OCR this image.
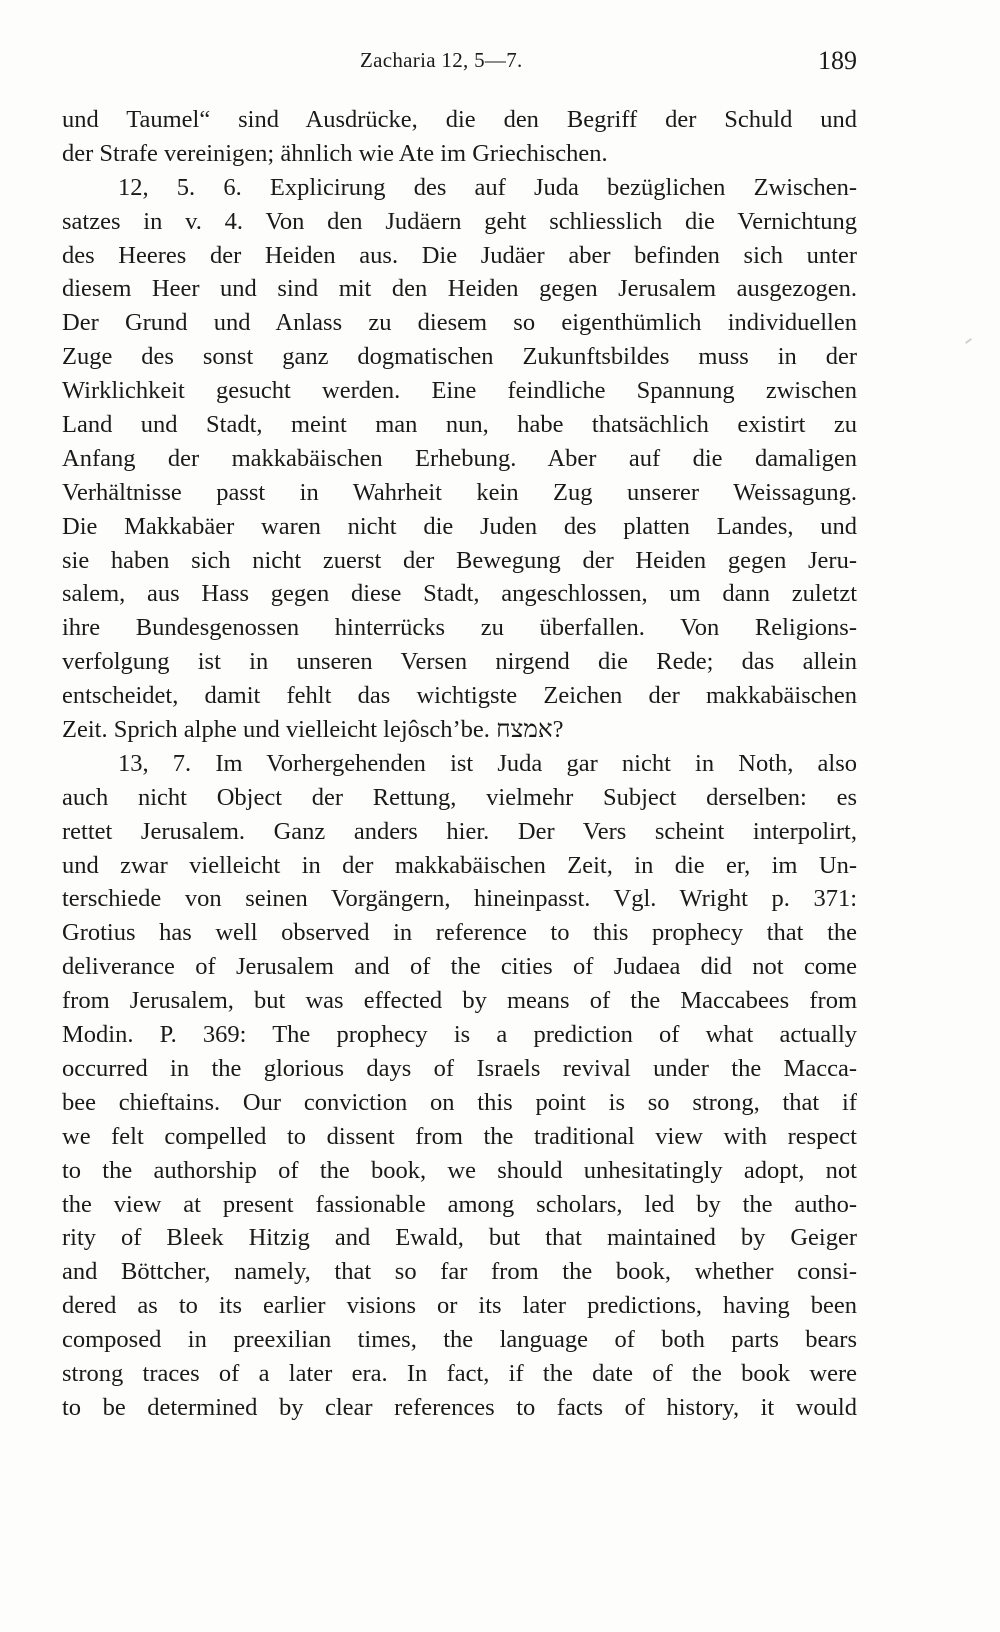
Zacharia 12, 5—7.	189
und Taumel“ sind Ausdrücke, die den Begriff der Schuld und
der Strafe vereinigen; ähnlich wie Ate im Griechischen.
12, 5. 6. Explicirung des auf Juda bezüglichen Zwischen-
satzes in v. 4. Von den Judäern geht schliesslich die Vernichtung
des Heeres der Heiden aus. Die Judäer aber befinden sich unter
diesem Heer und sind mit den Heiden gegen Jerusalem ausgezogen.
Der Grund und Anlass zu diesem so eigenthümlich individuellen
Zuge des sonst ganz dogmatischen Zukunftsbildes muss in der
Wirklichkeit gesucht werden. Eine feindliche Spannung zwischen
Land und Stadt, meint man nun, habe thatsächlich existirt zu
Anfang der makkabäischen Erhebung. Aber auf die damaligen
Verhältnisse passt in Wahrheit kein Zug unserer Weissagung.
Die Makkabäer waren nicht die Juden des platten Landes, und
sie haben sich nicht zuerst der Bewegung der Heiden gegen Jeru-
salem, aus Hass gegen diese Stadt, angeschlossen, um dann zuletzt
ihre Bundesgenossen hinterrücks zu überfallen. Von Religions-
verfolgung ist in unseren Versen nirgend die Rede; das allein
entscheidet, damit fehlt das wichtigste Zeichen der makkabäischen
Zeit. Sprich alphe und vielleicht lejôsch’be. אמצח?
13, 7. Im Vorhergehenden ist Juda gar nicht in Noth, also
auch nicht Object der Rettung, vielmehr Subject derselben: es
rettet Jerusalem. Ganz anders hier. Der Vers scheint interpolirt,
und zwar vielleicht in der makkabäischen Zeit, in die er, im Un-
terschiede von seinen Vorgängern, hineinpasst. Vgl. Wright p. 371:
Grotius has well observed in reference to this prophecy that the
deliverance of Jerusalem and of the cities of Judaea did not come
from Jerusalem, but was effected by means of the Maccabees from
Modin. P. 369: The prophecy is a prediction of what actually
occurred in the glorious days of Israels revival under the Macca-
bee chieftains. Our conviction on this point is so strong, that if
we felt compelled to dissent from the traditional view with respect
to the authorship of the book, we should unhesitatingly adopt, not
the view at present fassionable among scholars, led by the autho-
rity of Bleek Hitzig and Ewald, but that maintained by Geiger
and Böttcher, namely, that so far from the book, whether consi-
dered as to its earlier visions or its later predictions, having been
composed in preexilian times, the language of both parts bears
strong traces of a later era. In fact, if the date of the book were
to be determined by clear references to facts of history, it would
